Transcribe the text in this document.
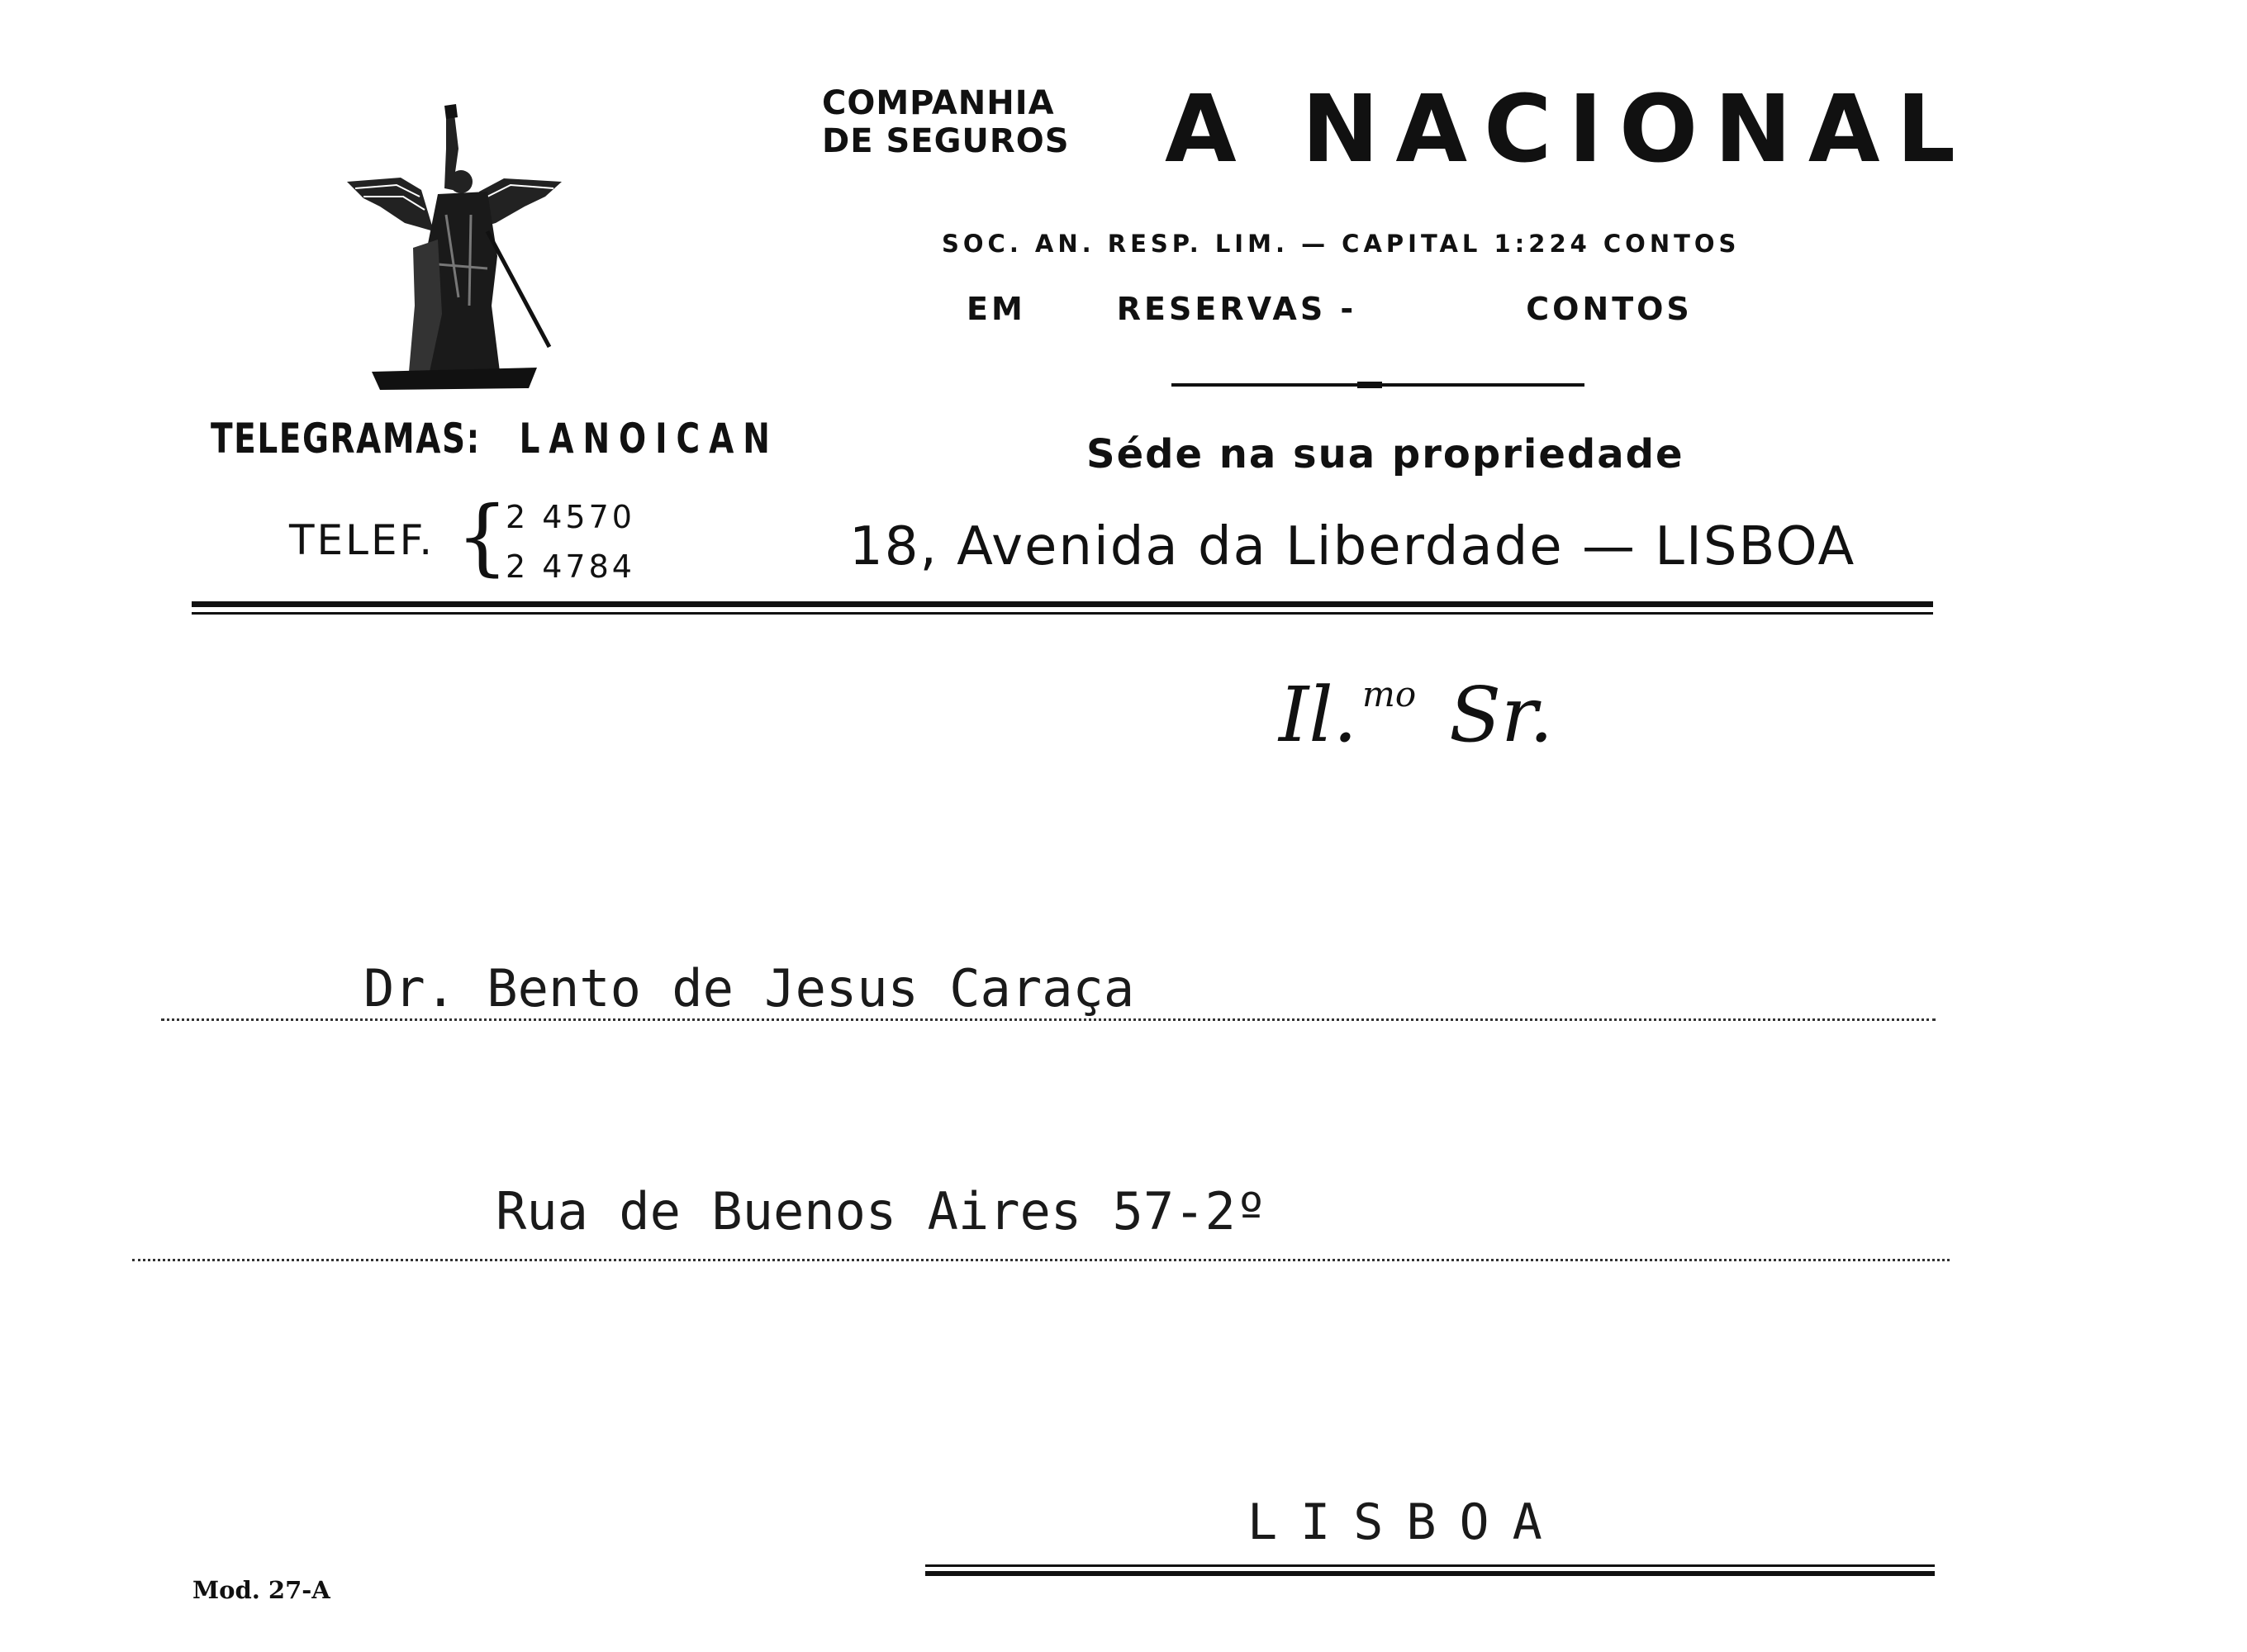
COMPANHIA
DE SEGUROS A NACIONAL
SOC. AN. RESP. LIM. — CAPITAL 1:224 CONTOS
EM	RESERVAS -	CONTOS
TELEGRAMAS: LANOICAN
TELEF. {
2 4570
2 4784
Séde na sua propriedade
18, Avenida da Liberdade — LISBOA
Il. $^{mo}$ Sr.
Dr. Bento de Jesus Caraça
Rua de Buenos Aires 57-2º
LISBOA
Mod. 27-A
